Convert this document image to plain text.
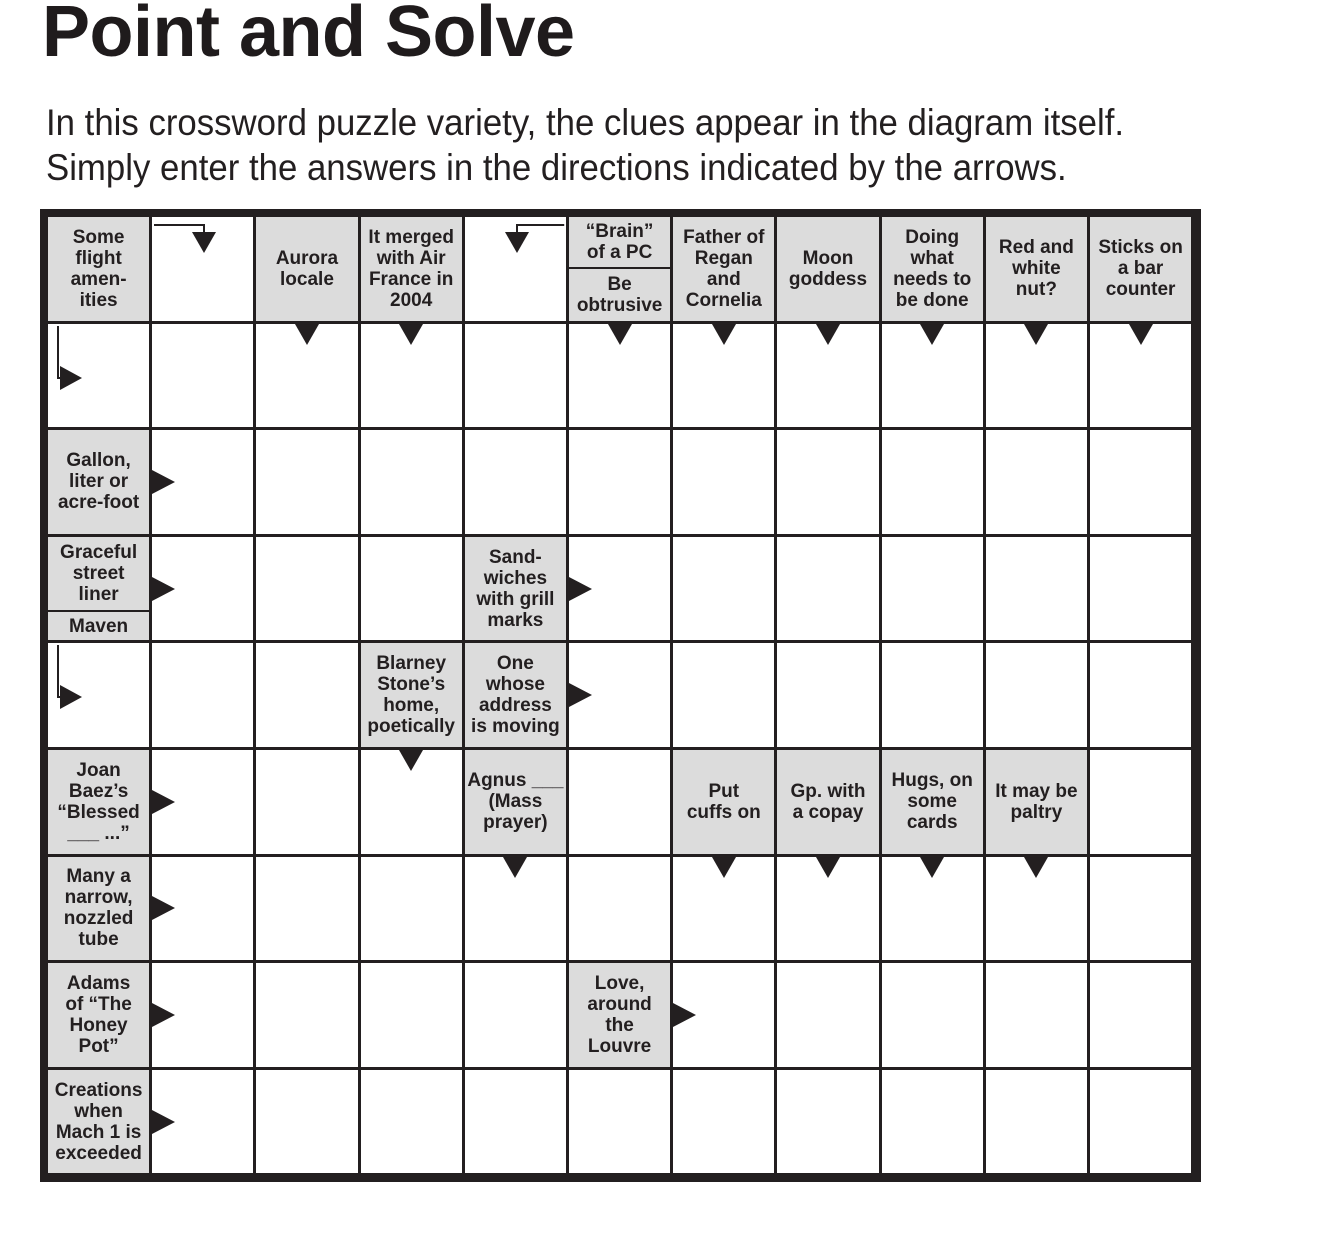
Point and Solve

In this crossword puzzle variety, the clues appear in the diagram itself.
Simply enter the answers in the directions indicated by the arrows.

Some
flight
amen-
ities
Aurora
locale
It merged
with Air
France in
2004
“Brain”
of a PC
Be
obtrusive
Father of
Regan
and
Cornelia
Moon
goddess
Doing
what
needs to
be done
Red and
white
nut?
Sticks on
a bar
counter
Gallon,
liter or
acre-foot
Graceful
street
liner
Maven
Sand-
wiches
with grill
marks
Blarney
Stone’s
home,
poetically
One
whose
address
is moving
Joan
Baez’s
“Blessed
___ ...”
Agnus ___
(Mass
prayer)
Put
cuffs on
Gp. with
a copay
Hugs, on
some
cards
It may be
paltry
Many a
narrow,
nozzled
tube
Adams
of “The
Honey
Pot”
Love,
around
the
Louvre
Creations
when
Mach 1 is
exceeded
